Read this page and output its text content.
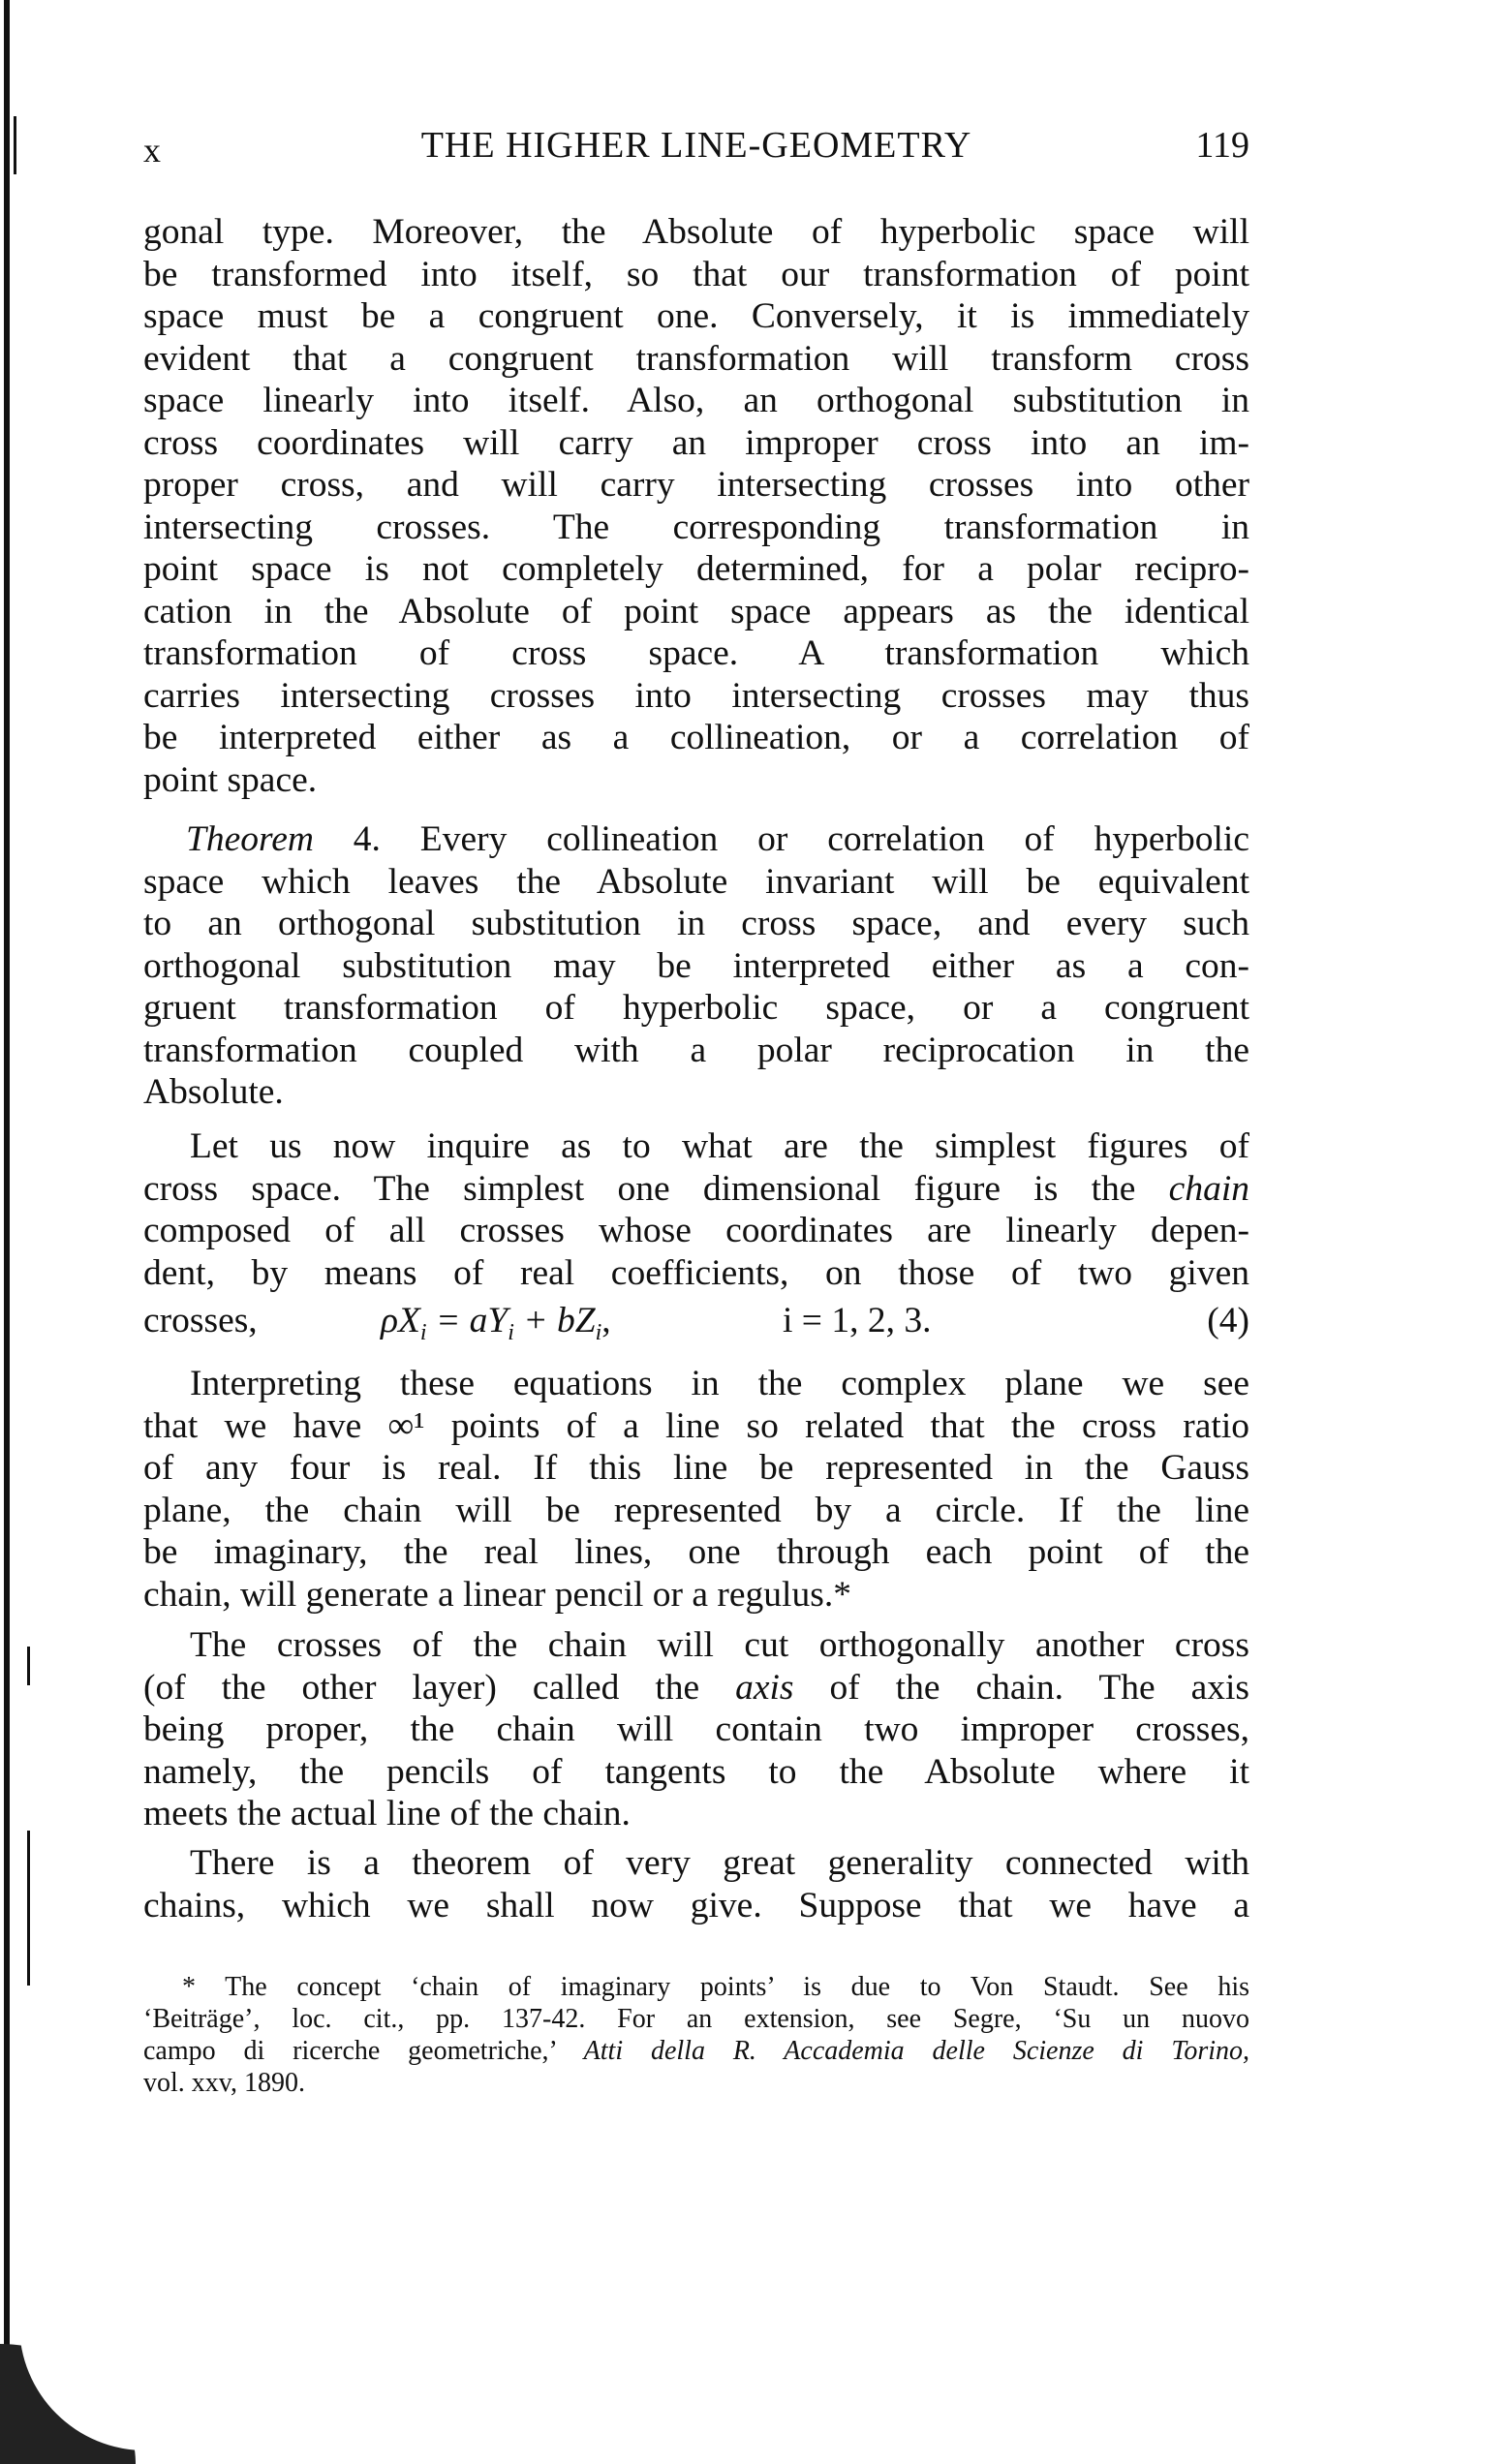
x	THE HIGHER LINE-GEOMETRY	119
gonal type. Moreover, the Absolute of hyperbolic space will
be transformed into itself, so that our transformation of point
space must be a congruent one. Conversely, it is immediately
evident that a congruent transformation will transform cross
space linearly into itself. Also, an orthogonal substitution in
cross coordinates will carry an improper cross into an im-
proper cross, and will carry intersecting crosses into other
intersecting crosses. The corresponding transformation in
point space is not completely determined, for a polar recipro-
cation in the Absolute of point space appears as the identical
transformation of cross space. A transformation which
carries intersecting crosses into intersecting crosses may thus
be interpreted either as a collineation, or a correlation of
point space.
Theorem 4. Every collineation or correlation of hyperbolic
space which leaves the Absolute invariant will be equivalent
to an orthogonal substitution in cross space, and every such
orthogonal substitution may be interpreted either as a con-
gruent transformation of hyperbolic space, or a congruent
transformation coupled with a polar reciprocation in the
Absolute.
Let us now inquire as to what are the simplest figures of
cross space. The simplest one dimensional figure is the chain
composed of all crosses whose coordinates are linearly depen-
dent, by means of real coefficients, on those of two given
crosses,	$\rho X_i = aY_i + bZ_i$,	i = 1, 2, 3.	(4)
Interpreting these equations in the complex plane we see
that we have ∞¹ points of a line so related that the cross ratio
of any four is real. If this line be represented in the Gauss
plane, the chain will be represented by a circle. If the line
be imaginary, the real lines, one through each point of the
chain, will generate a linear pencil or a regulus.*
The crosses of the chain will cut orthogonally another cross
(of the other layer) called the axis of the chain. The axis
being proper, the chain will contain two improper crosses,
namely, the pencils of tangents to the Absolute where it
meets the actual line of the chain.
There is a theorem of very great generality connected with
chains, which we shall now give. Suppose that we have a
* The concept ‘chain of imaginary points’ is due to Von Staudt. See his
‘Beiträge’, loc. cit., pp. 137-42. For an extension, see Segre, ‘Su un nuovo
campo di ricerche geometriche,’ Atti della R. Accademia delle Scienze di Torino,
vol. xxv, 1890.
